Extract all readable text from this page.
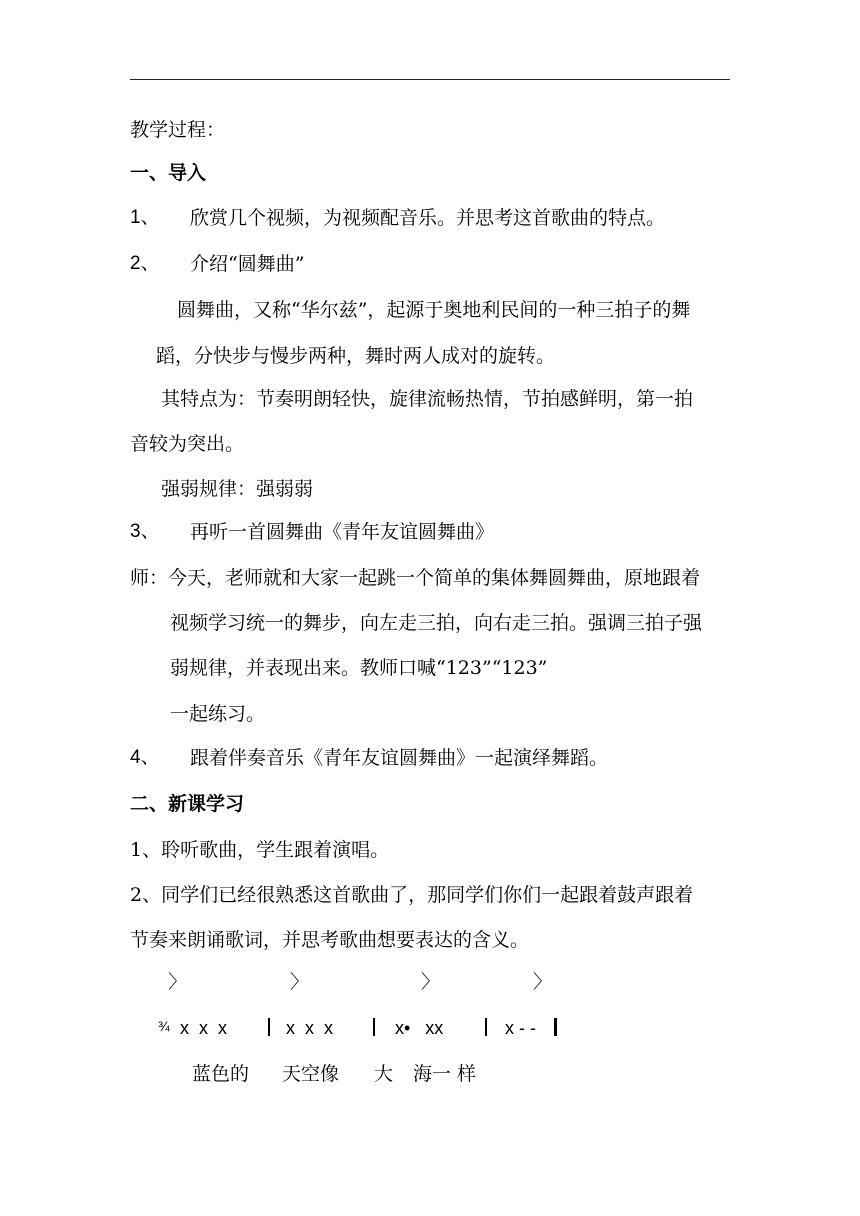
教学过程：
一、导入
1、 欣赏几个视频，为视频配音乐。并思考这首歌曲的特点。
2、 介绍“圆舞曲”
圆舞曲，又称“华尔兹”，起源于奥地利民间的一种三拍子的舞
蹈，分快步与慢步两种，舞时两人成对的旋转。
其特点为：节奏明朗轻快，旋律流畅热情，节拍感鲜明，第一拍
音较为突出。
强弱规律：强弱弱
3、 再听一首圆舞曲《青年友谊圆舞曲》
师：今天，老师就和大家一起跳一个简单的集体舞圆舞曲，原地跟着
视频学习统一的舞步，向左走三拍，向右走三拍。强调三拍子强
弱规律，并表现出来。教师口喊“123”“123”
一起练习。
4、 跟着伴奏音乐《青年友谊圆舞曲》一起演绎舞蹈。
二、新课学习
1、聆听歌曲，学生跟着演唱。
2、同学们已经很熟悉这首歌曲了，那同学们你们一起跟着鼓声跟着
节奏来朗诵歌词，并思考歌曲想要表达的含义。
〉	〉	〉	〉
¾ x  x  x	x  x  x	x•   xx	x - -
蓝色的 天空像 大 海一 样
